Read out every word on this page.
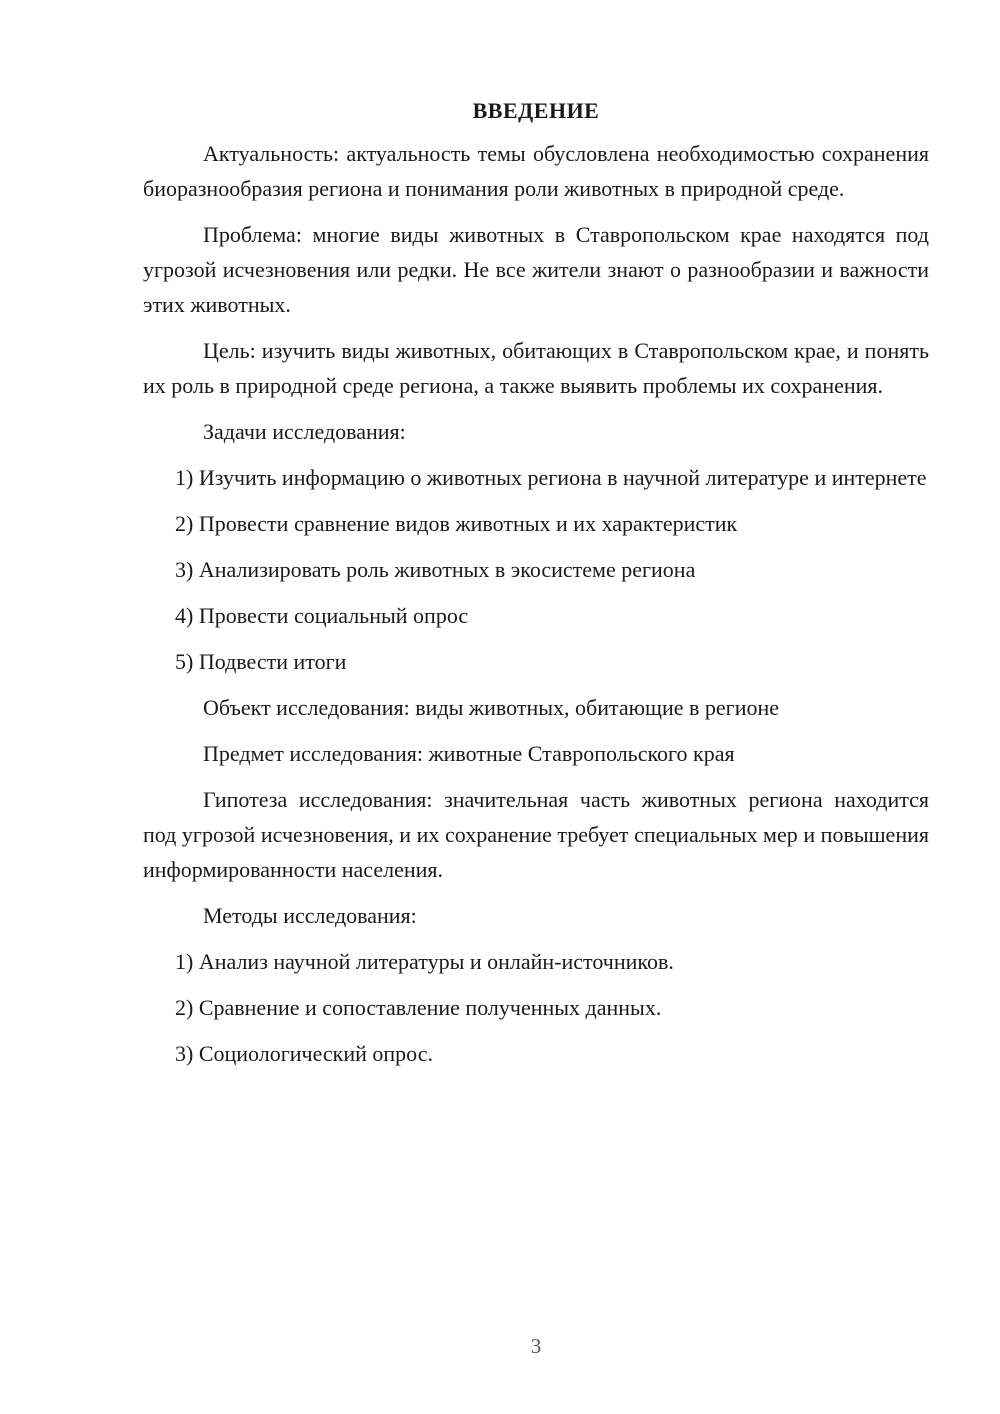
ВВЕДЕНИЕ

Актуальность: актуальность темы обусловлена необходимостью сохранения биоразнообразия региона и понимания роли животных в природной среде.

Проблема: многие виды животных в Ставропольском крае находятся под угрозой исчезновения или редки. Не все жители знают о разнообразии и важности этих животных.

Цель: изучить виды животных, обитающих в Ставропольском крае, и понять их роль в природной среде региона, а также выявить проблемы их сохранения.

Задачи исследования:

1) Изучить информацию о животных региона в научной литературе и интернете

2) Провести сравнение видов животных и их характеристик

3) Анализировать роль животных в экосистеме региона

4) Провести социальный опрос

5) Подвести итоги

Объект исследования: виды животных, обитающие в регионе

Предмет исследования: животные Ставропольского края

Гипотеза исследования: значительная часть животных региона находится под угрозой исчезновения, и их сохранение требует специальных мер и повышения информированности населения.

Методы исследования:

1) Анализ научной литературы и онлайн-источников.

2) Сравнение и сопоставление полученных данных.

3) Социологический опрос.

3
